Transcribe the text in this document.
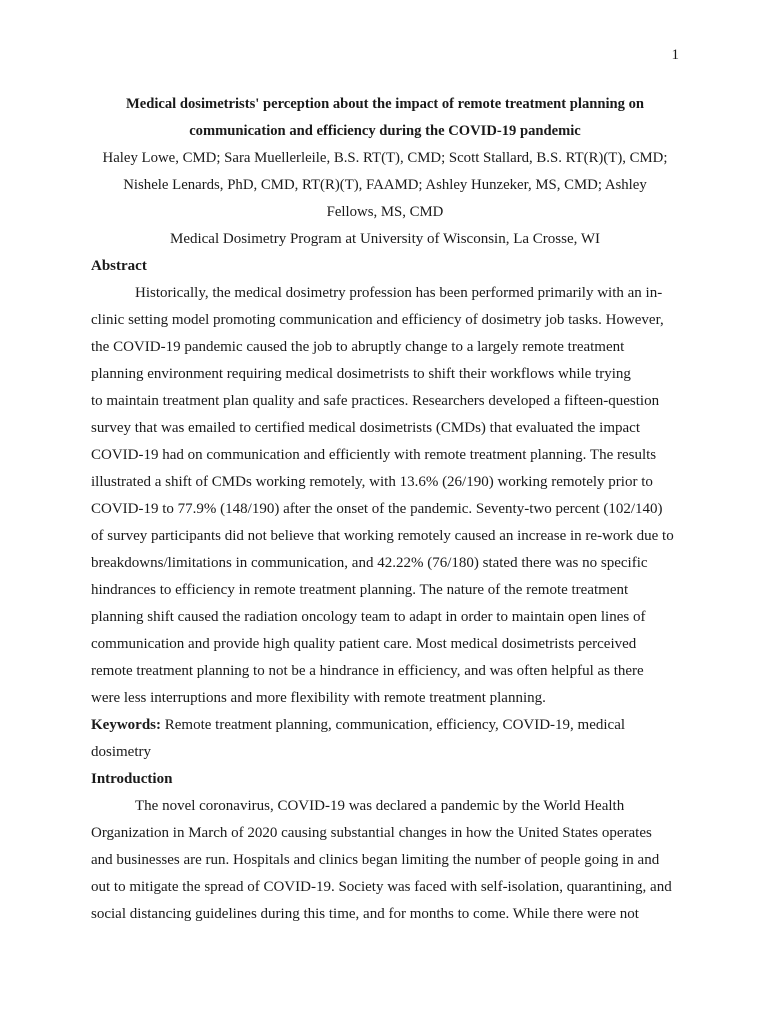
1
Medical dosimetrists' perception about the impact of remote treatment planning on
communication and efficiency during the COVID-19 pandemic

Haley Lowe, CMD; Sara Muellerleile, B.S. RT(T), CMD; Scott Stallard, B.S. RT(R)(T), CMD;
Nishele Lenards, PhD, CMD, RT(R)(T), FAAMD; Ashley Hunzeker, MS, CMD; Ashley
Fellows, MS, CMD

Medical Dosimetry Program at University of Wisconsin, La Crosse, WI

Abstract

Historically, the medical dosimetry profession has been performed primarily with an in-
clinic setting model promoting communication and efficiency of dosimetry job tasks. However,
the COVID-19 pandemic caused the job to abruptly change to a largely remote treatment
planning environment requiring medical dosimetrists to shift their workflows while trying
to maintain treatment plan quality and safe practices. Researchers developed a fifteen-question
survey that was emailed to certified medical dosimetrists (CMDs) that evaluated the impact
COVID-19 had on communication and efficiently with remote treatment planning. The results
illustrated a shift of CMDs working remotely, with 13.6% (26/190) working remotely prior to
COVID-19 to 77.9% (148/190) after the onset of the pandemic. Seventy-two percent (102/140)
of survey participants did not believe that working remotely caused an increase in re-work due to
breakdowns/limitations in communication, and 42.22% (76/180) stated there was no specific
hindrances to efficiency in remote treatment planning. The nature of the remote treatment
planning shift caused the radiation oncology team to adapt in order to maintain open lines of
communication and provide high quality patient care. Most medical dosimetrists perceived
remote treatment planning to not be a hindrance in efficiency, and was often helpful as there
were less interruptions and more flexibility with remote treatment planning.

Keywords: Remote treatment planning, communication, efficiency, COVID-19, medical
dosimetry

Introduction

The novel coronavirus, COVID-19 was declared a pandemic by the World Health
Organization in March of 2020 causing substantial changes in how the United States operates
and businesses are run. Hospitals and clinics began limiting the number of people going in and
out to mitigate the spread of COVID-19. Society was faced with self-isolation, quarantining, and
social distancing guidelines during this time, and for months to come. While there were not
